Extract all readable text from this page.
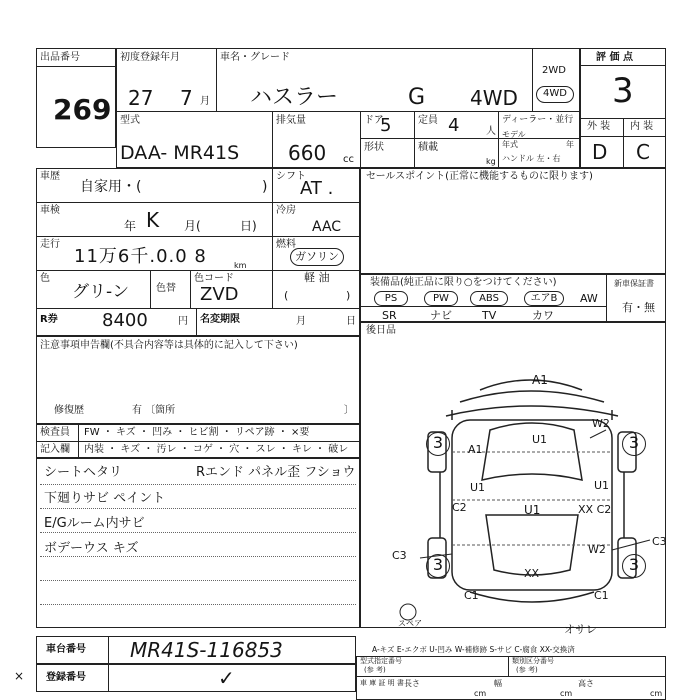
出品番号
269
初度登録年月
27 7 月
車名・グレード
ハスラー	G 4WD
2WD
4WD
型式
DAA- MR41S
排気量
660 cc
ドア
5	定員 4	人
形状	積載
kg
ディーラー・並行
モデル
年式	年
ハンドル 左・右
評 価 点
3
外 装 内 装
D C
車歴
自家用・(	)
シフト
AT .
車検
年 K 月(	日)
冷房
AAC
走行
11万6千.0.0 8	km
燃料
ガソリン
軽 油
(	)
色
グリ-ン	色替
色コード
ZVD
R券 8400	円 名変期限	月	日
注意事項申告欄(不具合内容等は具体的に記入して下さい)
修復歴	有 〔箇所	〕
検査員 FW ・ キズ ・ 凹み ・ ヒビ割 ・ リペア跡 ・ ×要
記入欄 内装 ・ キズ ・ 汚レ ・ コゲ ・ 穴 ・ スレ ・ キレ ・ 破レ
シートヘタリ
下廻りサビ ペイント
E/Gルーム内サビ
ボデーウス キズ
Rエンド パネル歪 フショウ
セールスポイント(正常に機能するものに限ります)
装備品(純正品に限り○をつけてください)
PS	PW	ABS	エアB	AW
SR	ナビ	TV	カワ
新車保証書
有・無
後日品
3	3
3	3
A1
U1
W2
A1
U1
C2	U1
U1
XX C2
C3	W2
C3
XX
C1	C1
スペア	オサレ
A-キズ E-エクボ U-凹み W-補修跡 S-サビ C-腐食 XX-交換済
車台番号 MR41S-116853
登録番号	✓
×
型式指定番号
(参 考)
類別区分番号
(参 考)
車 庫 証 明 書 長さ	幅	高さ
cm	cm	cm
